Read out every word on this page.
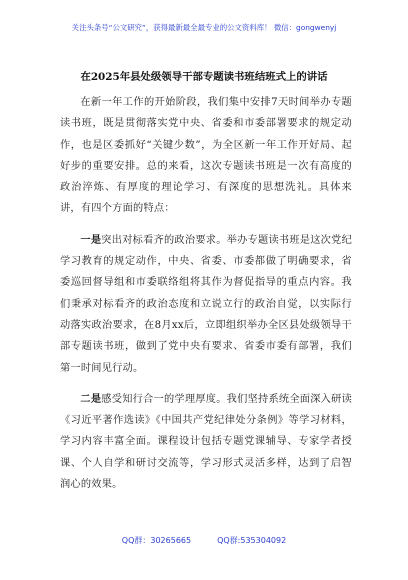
关注头条号“公文研究”，获得最新最全最专业的公文资料库！ 微信：gongwenyj
在2025年县处级领导干部专题读书班结班式上的讲话

在新一年工作的开始阶段，我们集中安排7天时间举办专题读书班，既是贯彻落实党中央、省委和市委部署要求的规定动作，也是区委抓好“关键少数”，为全区新一年工作开好局、起好步的重要安排。总的来看，这次专题读书班是一次有高度的政治淬炼、有厚度的理论学习、有深度的思想洗礼。具体来讲，有四个方面的特点：

一是突出对标看齐的政治要求。举办专题读书班是这次党纪学习教育的规定动作，中央、省委、市委都做了明确要求，省委巡回督导组和市委联络组将其作为督促指导的重点内容。我们秉承对标看齐的政治态度和立说立行的政治自觉，以实际行动落实政治要求，在8月xx后，立即组织举办全区县处级领导干部专题读书班，做到了党中央有要求、省委市委有部署，我们第一时间见行动。

二是感受知行合一的学理厚度。我们坚持系统全面深入研读《习近平著作选读》《中国共产党纪律处分条例》等学习材料，学习内容丰富全面。课程设计包括专题党课辅导、专家学者授课、个人自学和研讨交流等，学习形式灵活多样，达到了启智润心的效果。

QQ群：30265665	QQ群:535304092
